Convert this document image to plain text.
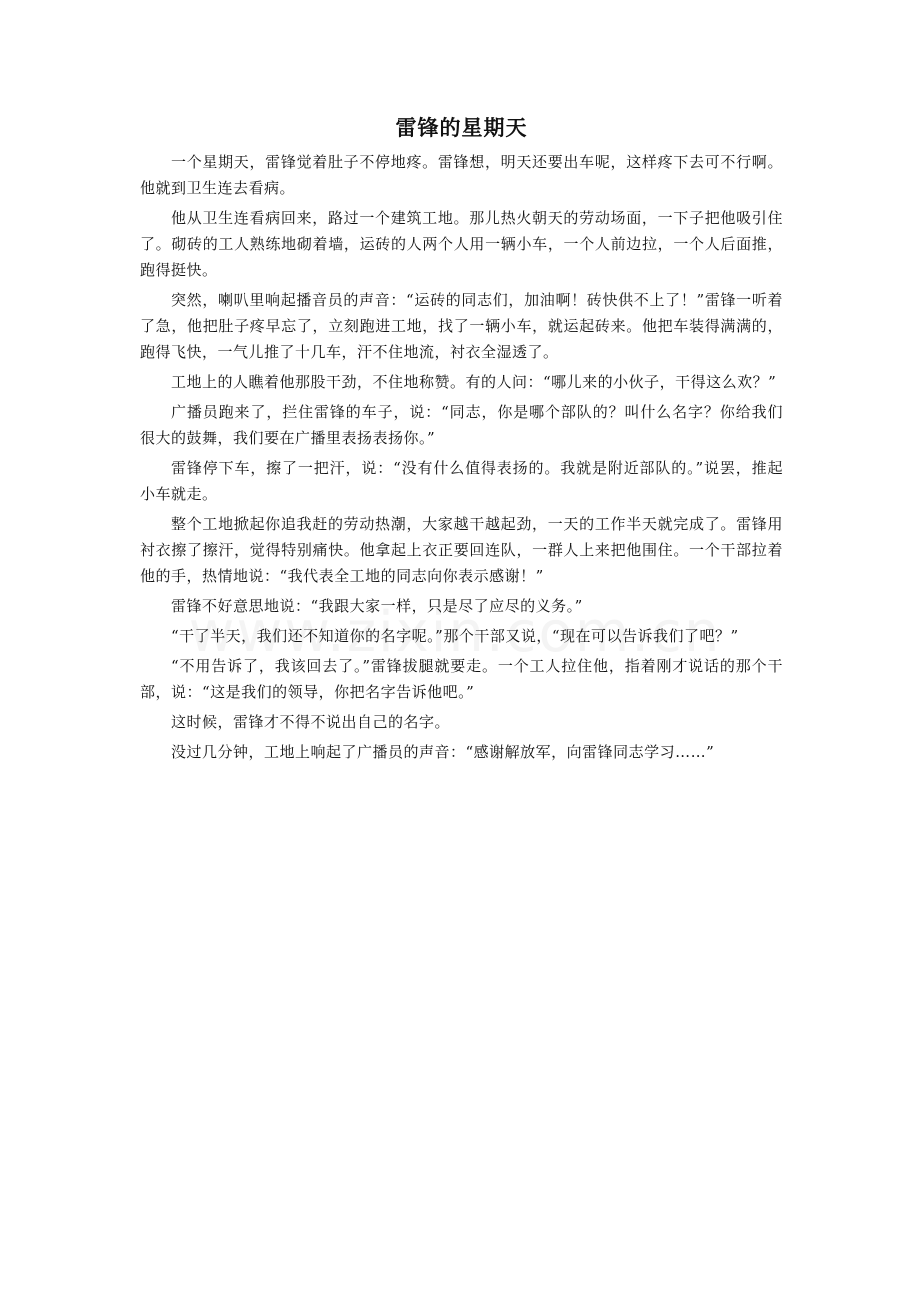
雷锋的星期天

一个星期天，雷锋觉着肚子不停地疼。雷锋想，明天还要出车呢，这样疼下去可不行啊。他就到卫生连去看病。

他从卫生连看病回来，路过一个建筑工地。那儿热火朝天的劳动场面，一下子把他吸引住了。砌砖的工人熟练地砌着墙，运砖的人两个人用一辆小车，一个人前边拉，一个人后面推，跑得挺快。

突然，喇叭里响起播音员的声音：“运砖的同志们，加油啊！砖快供不上了！”雷锋一听着了急，他把肚子疼早忘了，立刻跑进工地，找了一辆小车，就运起砖来。他把车装得满满的，跑得飞快，一气儿推了十几车，汗不住地流，衬衣全湿透了。

工地上的人瞧着他那股干劲，不住地称赞。有的人问：“哪儿来的小伙子，干得这么欢？”

广播员跑来了，拦住雷锋的车子，说：“同志，你是哪个部队的？叫什么名字？你给我们很大的鼓舞，我们要在广播里表扬表扬你。”

雷锋停下车，擦了一把汗，说：“没有什么值得表扬的。我就是附近部队的。”说罢，推起小车就走。

整个工地掀起你追我赶的劳动热潮，大家越干越起劲，一天的工作半天就完成了。雷锋用衬衣擦了擦汗，觉得特别痛快。他拿起上衣正要回连队，一群人上来把他围住。一个干部拉着他的手，热情地说：“我代表全工地的同志向你表示感谢！”

雷锋不好意思地说：“我跟大家一样，只是尽了应尽的义务。”

“干了半天，我们还不知道你的名字呢。”那个干部又说，“现在可以告诉我们了吧？”

“不用告诉了，我该回去了。”雷锋拔腿就要走。一个工人拉住他，指着刚才说话的那个干部，说：“这是我们的领导，你把名字告诉他吧。”

这时候，雷锋才不得不说出自己的名字。

没过几分钟，工地上响起了广播员的声音：“感谢解放军，向雷锋同志学习……”
